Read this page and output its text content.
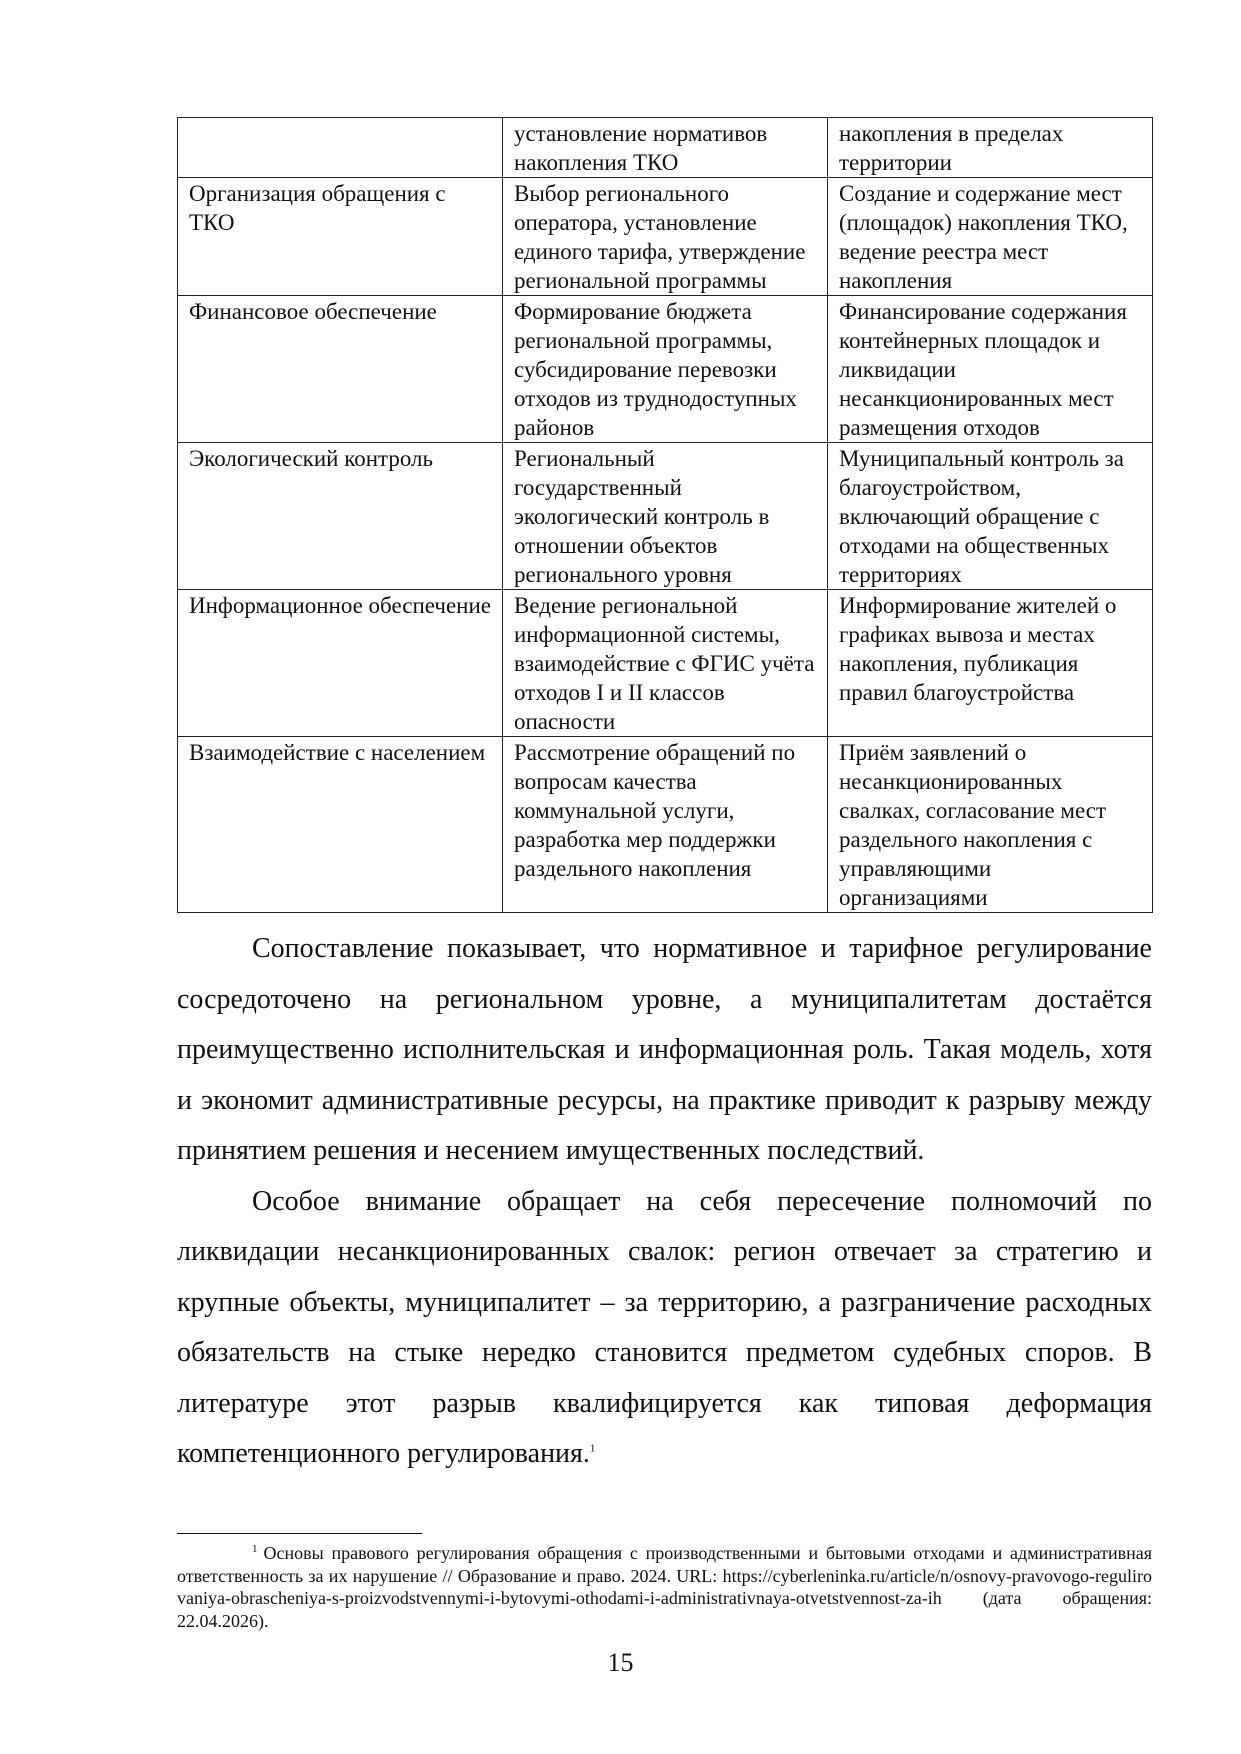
	установление нормативов накопления ТКО	накопления в пределах территории
Организация обращения с ТКО	Выбор регионального оператора, установление единого тарифа, утверждение региональной программы	Создание и содержание мест (площадок) накопления ТКО, ведение реестра мест накопления
Финансовое обеспечение	Формирование бюджета региональной программы, субсидирование перевозки отходов из труднодоступных районов	Финансирование содержания контейнерных площадок и ликвидации несанкционированных мест размещения отходов
Экологический контроль	Региональный государственный экологический контроль в отношении объектов регионального уровня	Муниципальный контроль за благоустройством, включающий обращение с отходами на общественных территориях
Информационное обеспечение	Ведение региональной информационной системы, взаимодействие с ФГИС учёта отходов I и II классов опасности	Информирование жителей о графиках вывоза и местах накопления, публикация правил благоустройства
Взаимодействие с населением	Рассмотрение обращений по вопросам качества коммунальной услуги, разработка мер поддержки раздельного накопления	Приём заявлений о несанкционированных свалках, согласование мест раздельного накопления с управляющими организациями

Сопоставление показывает, что нормативное и тарифное регулирование сосредоточено на региональном уровне, а муниципалитетам достаётся преимущественно исполнительская и информационная роль. Такая модель, хотя и экономит административные ресурсы, на практике приводит к разрыву между принятием решения и несением имущественных последствий.

Особое внимание обращает на себя пересечение полномочий по ликвидации несанкционированных свалок: регион отвечает за стратегию и крупные объекты, муниципалитет – за территорию, а разграничение расходных обязательств на стыке нередко становится предметом судебных споров. В литературе этот разрыв квалифицируется как типовая деформация компетенционного регулирования.$^1$

$^1$ Основы правового регулирования обращения с производственными и бытовыми отходами и административная ответственность за их нарушение // Образование и право. 2024. URL: https://cyberleninka.ru/article/n/osnovy-pravovogo-regulirovaniya-obrascheniya-s-proizvodstvennymi-i-bytovymi-othodami-i-administrativnaya-otvetstvennost-za-ih (дата обращения: 22.04.2026).
15
